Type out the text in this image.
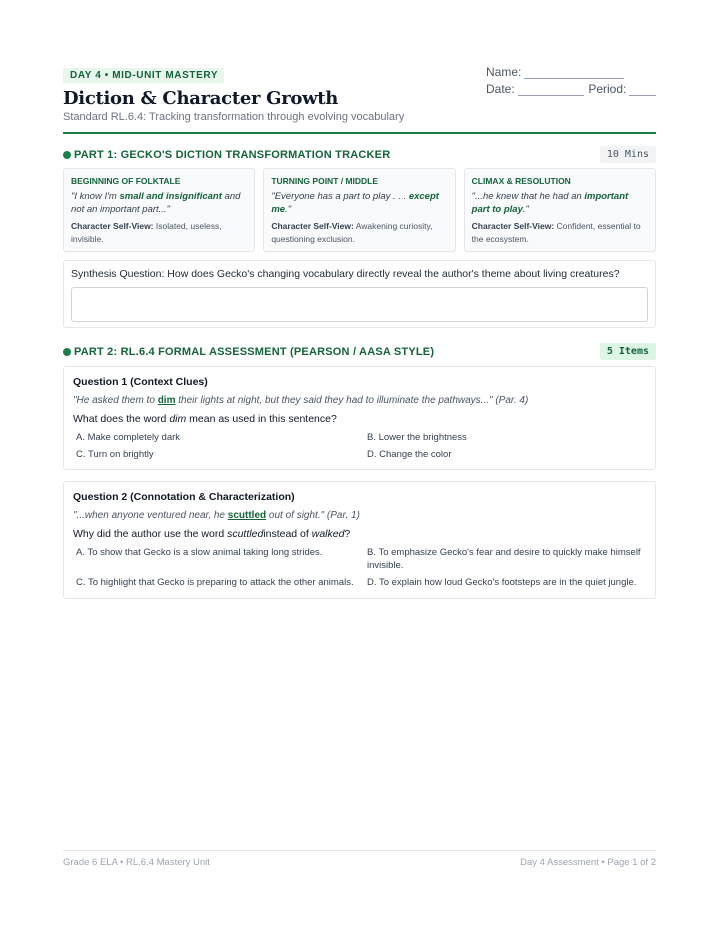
DAY 4 • MID-UNIT MASTERY	Name:
Date:	Period:
Diction & Character Growth
Standard RL.6.4: Tracking transformation through evolving vocabulary
PART 1: GECKO'S DICTION TRANSFORMATION TRACKER	10 Mins
BEGINNING OF FOLKTALE
"I know I'm small and insignificant and not an important part..."
Character Self-View: Isolated, useless, invisible.
TURNING POINT / MIDDLE
"Everyone has a part to play . . . except me."
Character Self-View: Awakening curiosity, questioning exclusion.
CLIMAX & RESOLUTION
"...he knew that he had an important part to play."
Character Self-View: Confident, essential to the ecosystem.
Synthesis Question: How does Gecko's changing vocabulary directly reveal the author's theme about living creatures?
PART 2: RL.6.4 FORMAL ASSESSMENT (PEARSON / AASA STYLE)	5 Items
Question 1 (Context Clues)
"He asked them to dim their lights at night, but they said they had to illuminate the pathways..." (Par. 4)
What does the word dim mean as used in this sentence?
A. Make completely dark	B. Lower the brightness
C. Turn on brightly	D. Change the color
Question 2 (Connotation & Characterization)
"...when anyone ventured near, he scuttled out of sight." (Par. 1)
Why did the author use the word scuttledinstead of walked?
A. To show that Gecko is a slow animal taking long strides.	B. To emphasize Gecko's fear and desire to quickly make himself invisible.
C. To highlight that Gecko is preparing to attack the other animals. D. To explain how loud Gecko's footsteps are in the quiet jungle.
Grade 6 ELA • RL.6.4 Mastery Unit	Day 4 Assessment • Page 1 of 2
